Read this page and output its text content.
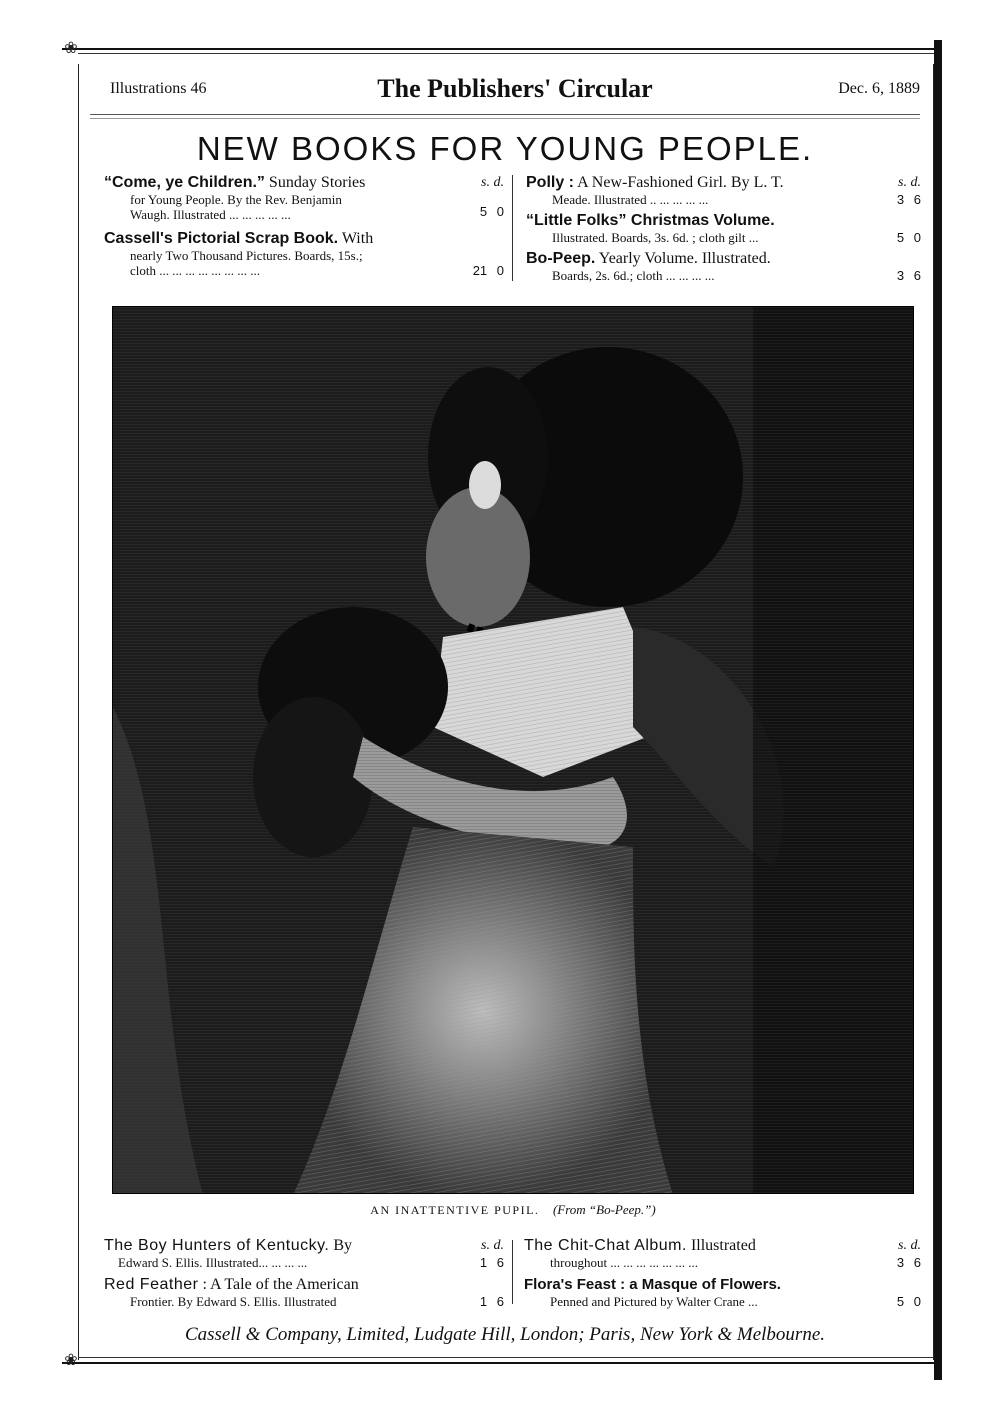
❀
❀
Illustrations 46	The Publishers' Circular	Dec. 6, 1889
NEW BOOKS FOR YOUNG PEOPLE.
“Come, ye Children.” Sunday Stories	s. d.
for Young People. By the Rev. Benjamin
Waugh. Illustrated ... ... ... ... ...	5 0
Cassell's Pictorial Scrap Book. With
nearly Two Thousand Pictures. Boards, 15s.;
cloth ... ... ... ... ... ... ... ...	21 0
Polly : A New-Fashioned Girl. By L. T.	s. d.
Meade. Illustrated .. ... ... ... ...	3 6
“Little Folks” Christmas Volume.
Illustrated. Boards, 3s. 6d. ; cloth gilt ...	5 0
Bo-Peep. Yearly Volume. Illustrated.
Boards, 2s. 6d.; cloth ... ... ... ...	3 6
AN INATTENTIVE PUPIL. (From “Bo-Peep.”)
The Boy Hunters of Kentucky. By	s. d.
Edward S. Ellis. Illustrated... ... ... ...	1 6
Red Feather : A Tale of the American
Frontier. By Edward S. Ellis. Illustrated	1 6
The Chit-Chat Album. Illustrated	s. d.
throughout ... ... ... ... ... ... ...	3 6
Flora's Feast : a Masque of Flowers.
Penned and Pictured by Walter Crane ...	5 0
Cassell & Company, Limited, Ludgate Hill, London; Paris, New York & Melbourne.
